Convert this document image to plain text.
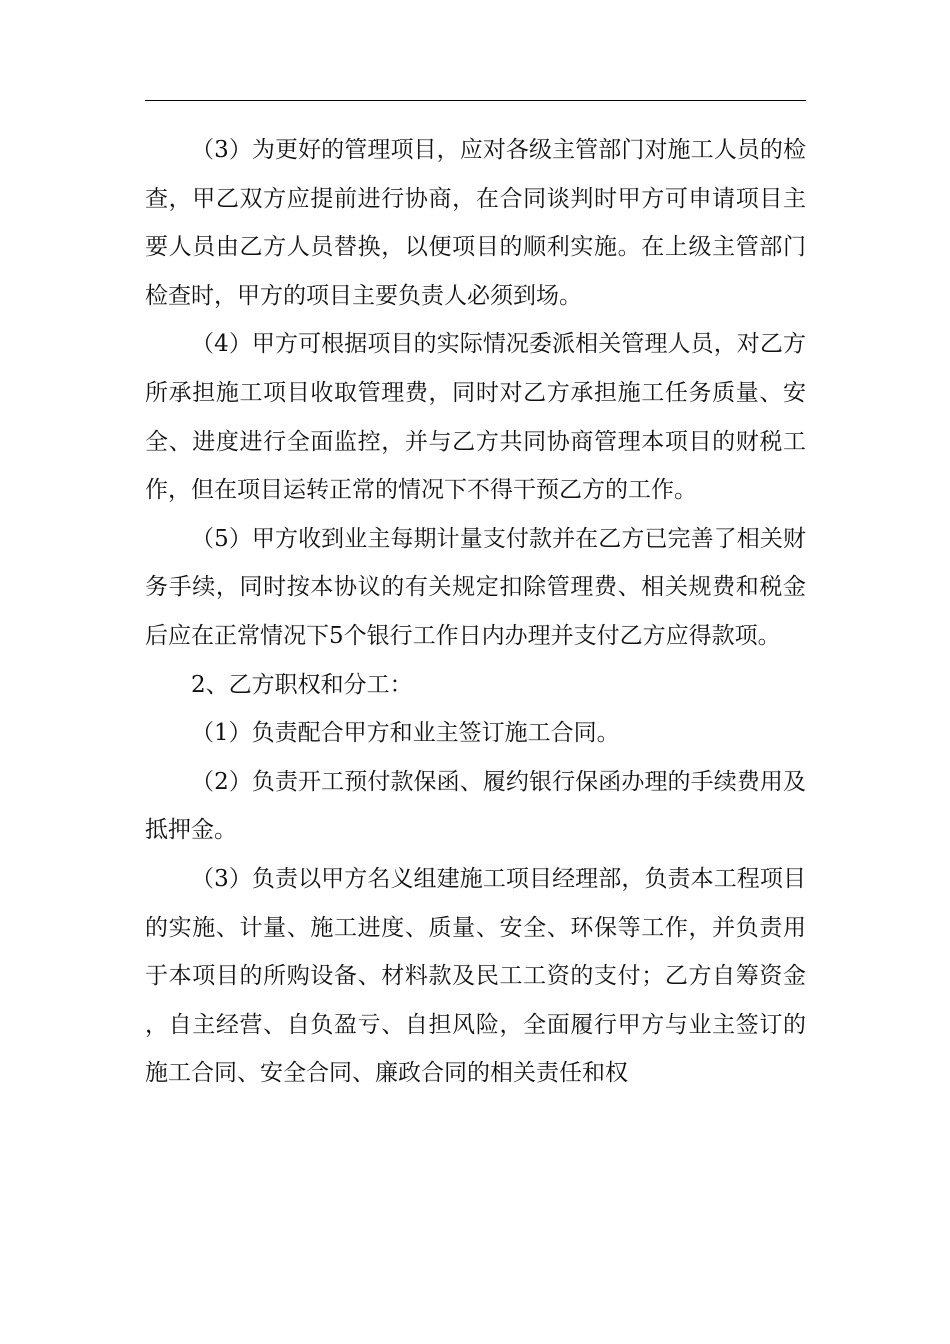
（3）为更好的管理项目，应对各级主管部门对施工人员的检查，甲乙双方应提前进行协商，在合同谈判时甲方可申请项目主要人员由乙方人员替换，以便项目的顺利实施。在上级主管部门检查时，甲方的项目主要负责人必须到场。

（4）甲方可根据项目的实际情况委派相关管理人员，对乙方所承担施工项目收取管理费，同时对乙方承担施工任务质量、安全、进度进行全面监控，并与乙方共同协商管理本项目的财税工作，但在项目运转正常的情况下不得干预乙方的工作。

（5）甲方收到业主每期计量支付款并在乙方已完善了相关财务手续，同时按本协议的有关规定扣除管理费、相关规费和税金后应在正常情况下5个银行工作日内办理并支付乙方应得款项。

2、乙方职权和分工：

（1）负责配合甲方和业主签订施工合同。

（2）负责开工预付款保函、履约银行保函办理的手续费用及抵押金。

（3）负责以甲方名义组建施工项目经理部，负责本工程项目的实施、计量、施工进度、质量、安全、环保等工作，并负责用于本项目的所购设备、材料款及民工工资的支付；乙方自筹资金，自主经营、自负盈亏、自担风险，全面履行甲方与业主签订的施工合同、安全合同、廉政合同的相关责任和权
